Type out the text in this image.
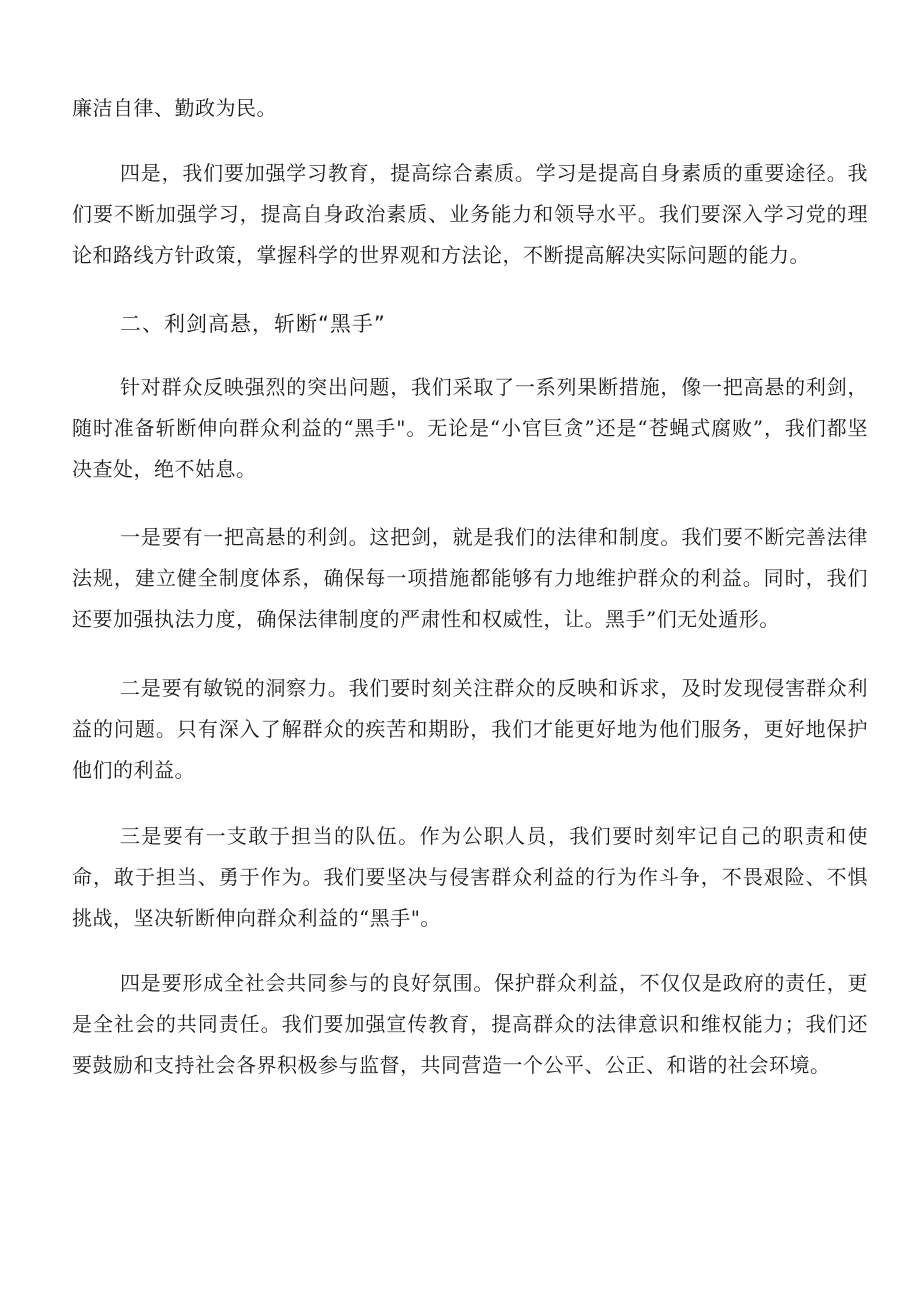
廉洁自律、勤政为民。

四是，我们要加强学习教育，提高综合素质。学习是提高自身素质的重要途径。我们要不断加强学习，提高自身政治素质、业务能力和领导水平。我们要深入学习党的理论和路线方针政策，掌握科学的世界观和方法论，不断提高解决实际问题的能力。

二、利剑高悬，斩断“黑手”

针对群众反映强烈的突出问题，我们采取了一系列果断措施，像一把高悬的利剑，随时准备斩断伸向群众利益的“黑手"。无论是“小官巨贪”还是“苍蝇式腐败”，我们都坚决查处，绝不姑息。

一是要有一把高悬的利剑。这把剑，就是我们的法律和制度。我们要不断完善法律法规，建立健全制度体系，确保每一项措施都能够有力地维护群众的利益。同时，我们还要加强执法力度，确保法律制度的严肃性和权威性，让。黑手”们无处遁形。

二是要有敏锐的洞察力。我们要时刻关注群众的反映和诉求，及时发现侵害群众利益的问题。只有深入了解群众的疾苦和期盼，我们才能更好地为他们服务，更好地保护他们的利益。

三是要有一支敢于担当的队伍。作为公职人员，我们要时刻牢记自己的职责和使命，敢于担当、勇于作为。我们要坚决与侵害群众利益的行为作斗争，不畏艰险、不惧挑战，坚决斩断伸向群众利益的“黑手"。

四是要形成全社会共同参与的良好氛围。保护群众利益，不仅仅是政府的责任，更是全社会的共同责任。我们要加强宣传教育，提高群众的法律意识和维权能力；我们还要鼓励和支持社会各界积极参与监督，共同营造一个公平、公正、和谐的社会环境。
